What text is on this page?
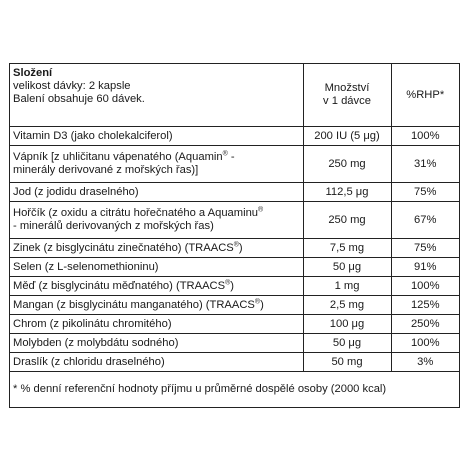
Složení
velikost dávky: 2 kapsle
Balení obsahuje 60 dávek.	Množství
v 1 dávce	%RHP*
Vitamin D3 (jako cholekalciferol)	200 IU (5 μg)	100%
Vápník [z uhličitanu vápenatého (Aquamin® -
minerály derivované z mořských řas)]	250 mg	31%
Jod (z jodidu draselného)	112,5 μg	75%
Hořčík (z oxidu a citrátu hořečnatého a Aquaminu®
- minerálů derivovaných z mořských řas)	250 mg	67%
Zinek (z bisglycinátu zinečnatého) (TRAACS®)	7,5 mg	75%
Selen (z L-selenomethioninu)	50 μg	91%
Měď (z bisglycinátu měďnatého) (TRAACS®)	1 mg	100%
Mangan (z bisglycinátu manganatého) (TRAACS®)	2,5 mg	125%
Chrom (z pikolinátu chromitého)	100 μg	250%
Molybden (z molybdátu sodného)	50 μg	100%
Draslík (z chloridu draselného)	50 mg	3%
* % denní referenční hodnoty příjmu u průměrné dospělé osoby (2000 kcal)
